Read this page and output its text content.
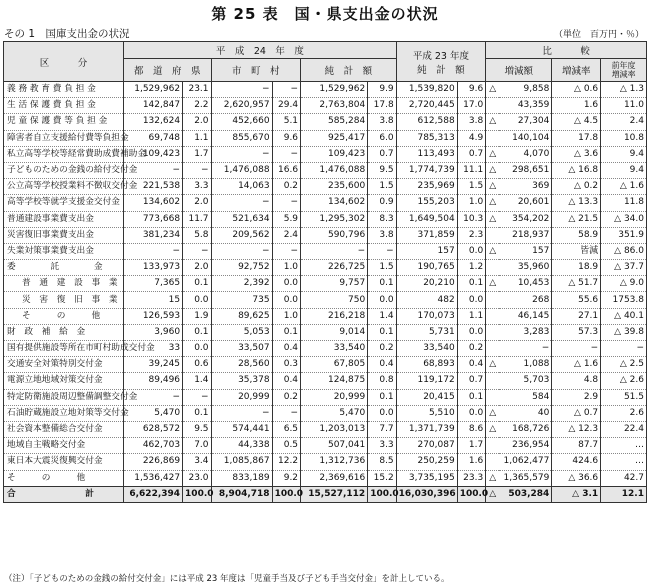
第 25 表　国・県支出金の状況
その 1　国庫支出金の状況	（単位　百万円・％）
区　　　分	平　成　24　年　度						平成 23 年度
純　計　額		比　　　較			
	都　道　府　県		市　町　村		純　計　額				増減額		増減率	前年度
増減率

義 務 教 育 費 負 担 金	1,529,962	23.1	−	−	1,529,962	9.9	1,539,820	9.6	△	9,858	△ 0.6	△ 1.3
生 活 保 護 費 負 担 金	142,847	2.2	2,620,957	29.4	2,763,804	17.8	2,720,445	17.0		43,359	1.6	11.0
児 童 保 護 費 等 負 担 金	132,624	2.0	452,660	5.1	585,284	3.8	612,588	3.8	△	27,304	△ 4.5	2.4
障害者自立支援給付費等負担金	69,748	1.1	855,670	9.6	925,417	6.0	785,313	4.9		140,104	17.8	10.8
私立高等学校等経常費助成費補助金	109,423	1.7	−	−	109,423	0.7	113,493	0.7	△	4,070	△ 3.6	9.4
子どものための金銭の給付交付金	−	−	1,476,088	16.6	1,476,088	9.5	1,774,739	11.1	△	298,651	△ 16.8	9.4
公立高等学校授業料不徴収交付金	221,538	3.3	14,063	0.2	235,600	1.5	235,969	1.5	△	369	△ 0.2	△ 1.6
高等学校等就学支援金交付金	134,602	2.0	−	−	134,602	0.9	155,203	1.0	△	20,601	△ 13.3	11.8
普通建設事業費支出金	773,668	11.7	521,634	5.9	1,295,302	8.3	1,649,504	10.3	△	354,202	△ 21.5	△ 34.0
災害復旧事業費支出金	381,234	5.8	209,562	2.4	590,796	3.8	371,859	2.3		218,937	58.9	351.9
失業対策事業費支出金	−	−	−	−	−	−	157	0.0	△	157	皆減	△ 86.0
委　　　　託　　　　金	133,973	2.0	92,752	1.0	226,725	1.5	190,765	1.2		35,960	18.9	△ 37.7
普　通　建　設　事　業	7,365	0.1	2,392	0.0	9,757	0.1	20,210	0.1	△	10,453	△ 51.7	△ 9.0
災　害　復　旧　事　業	15	0.0	735	0.0	750	0.0	482	0.0		268	55.6	1753.8
そ　　　の　　　他	126,593	1.9	89,625	1.0	216,218	1.4	170,073	1.1		46,145	27.1	△ 40.1
財　政　補　給　金	3,960	0.1	5,053	0.1	9,014	0.1	5,731	0.0		3,283	57.3	△ 39.8
国有提供施設等所在市町村助成交付金	33	0.0	33,507	0.4	33,540	0.2	33,540	0.2		−	−	−
交通安全対策特別交付金	39,245	0.6	28,560	0.3	67,805	0.4	68,893	0.4	△	1,088	△ 1.6	△ 2.5
電源立地地域対策交付金	89,496	1.4	35,378	0.4	124,875	0.8	119,172	0.7		5,703	4.8	△ 2.6
特定防衛施設周辺整備調整交付金	−	−	20,999	0.2	20,999	0.1	20,415	0.1		584	2.9	51.5
石油貯蔵施設立地対策等交付金	5,470	0.1	−	−	5,470	0.0	5,510	0.0	△	40	△ 0.7	2.6
社会資本整備総合交付金	628,572	9.5	574,441	6.5	1,203,013	7.7	1,371,739	8.6	△	168,726	△ 12.3	22.4
地域自主戦略交付金	462,703	7.0	44,338	0.5	507,041	3.3	270,087	1.7		236,954	87.7	…
東日本大震災復興交付金	226,869	3.4	1,085,867	12.2	1,312,736	8.5	250,259	1.6		1,062,477	424.6	…
そ　　　の　　　他	1,536,427	23.0	833,189	9.2	2,369,616	15.2	3,735,195	23.3	△	1,365,579	△ 36.6	42.7
合　　　　　　　　計	6,622,394	100.0	8,904,718	100.0	15,527,112	100.0	16,030,396	100.0	△	503,284	△ 3.1	12.1
（注）「子どものための金銭の給付交付金」には平成 23 年度は「児童手当及び子ども手当交付金」を計上している。
